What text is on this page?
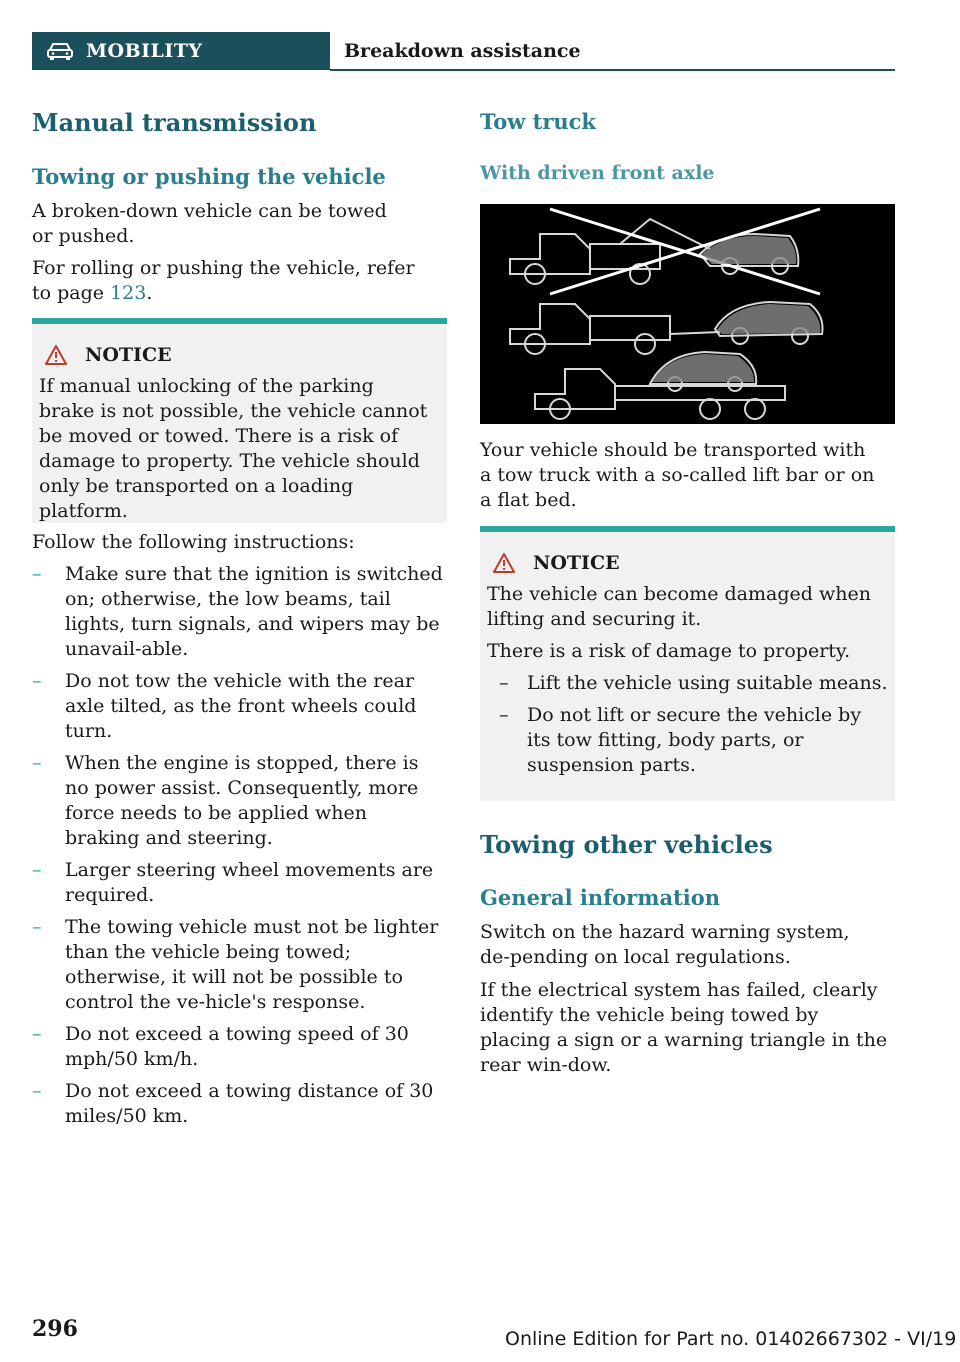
MOBILITY	Breakdown assistance
Manual transmission
Towing or pushing the vehicle

A broken-down vehicle can be towed or pushed.

For rolling or pushing the vehicle, refer to page 123.

NOTICE

If manual unlocking of the parking brake is not possible, the vehicle cannot be moved or towed. There is a risk of damage to property. The vehicle should only be transported on a loading platform.

Follow the following instructions:

– Make sure that the ignition is switched on; otherwise, the low beams, tail lights, turn signals, and wipers may be unavail-able.
– Do not tow the vehicle with the rear axle tilted, as the front wheels could turn.
– When the engine is stopped, there is no power assist. Consequently, more force needs to be applied when braking and steering.
– Larger steering wheel movements are required.
– The towing vehicle must not be lighter than the vehicle being towed; otherwise, it will not be possible to control the ve-hicle's response.
– Do not exceed a towing speed of 30 mph/50 km/h.
– Do not exceed a towing distance of 30 miles/50 km.
Tow truck
With driven front axle

Your vehicle should be transported with a tow truck with a so-called lift bar or on a flat bed.

NOTICE

The vehicle can become damaged when lifting and securing it.

There is a risk of damage to property.

– Lift the vehicle using suitable means.
– Do not lift or secure the vehicle by its tow fitting, body parts, or suspension parts.
Towing other vehicles
General information

Switch on the hazard warning system, de-pending on local regulations.

If the electrical system has failed, clearly identify the vehicle being towed by placing a sign or a warning triangle in the rear win-dow.

296	Online Edition for Part no. 01402667302 - VI/19
